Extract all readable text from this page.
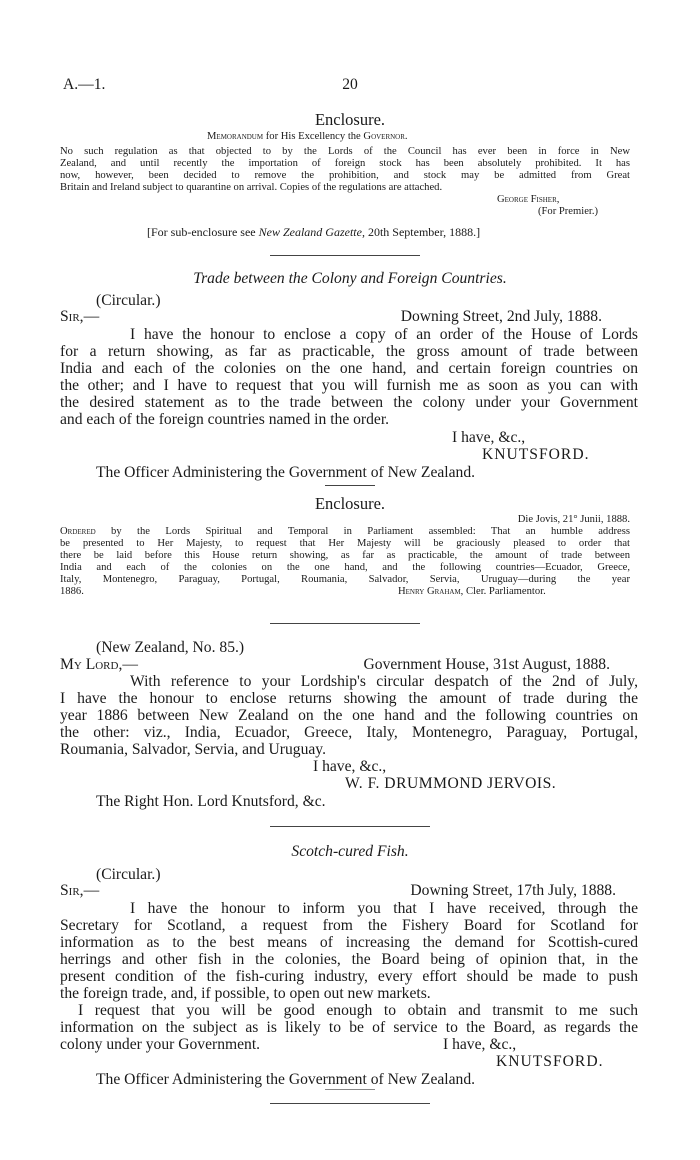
A.—1.	20
Enclosure.
Memorandum for His Excellency the Governor.
No such regulation as that objected to by the Lords of the Council has ever been in force in New
Zealand, and until recently the importation of foreign stock has been absolutely prohibited. It has
now, however, been decided to remove the prohibition, and stock may be admitted from Great
Britain and Ireland subject to quarantine on arrival. Copies of the regulations are attached.
George Fisher,
(For Premier.)
[For sub-enclosure see New Zealand Gazette, 20th September, 1888.]
Trade between the Colony and Foreign Countries.
(Circular.)
Sir,—	Downing Street, 2nd July, 1888.
I have the honour to enclose a copy of an order of the House of Lords
for a return showing, as far as practicable, the gross amount of trade between
India and each of the colonies on the one hand, and certain foreign countries on
the other; and I have to request that you will furnish me as soon as you can with
the desired statement as to the trade between the colony under your Government
and each of the foreign countries named in the order.
I have, &c.,
KNUTSFORD.
The Officer Administering the Government of New Zealand.
Enclosure.
Die Jovis, 21° Junii, 1888.
Ordered by the Lords Spiritual and Temporal in Parliament assembled: That an humble address
be presented to Her Majesty, to request that Her Majesty will be graciously pleased to order that
there be laid before this House return showing, as far as practicable, the amount of trade between
India and each of the colonies on the one hand, and the following countries—Ecuador, Greece,
Italy, Montenegro, Paraguay, Portugal, Roumania, Salvador, Servia, Uruguay—during the year
1886.	Henry Graham, Cler. Parliamentor.
(New Zealand, No. 85.)
My Lord,—	Government House, 31st August, 1888.
With reference to your Lordship's circular despatch of the 2nd of July,
I have the honour to enclose returns showing the amount of trade during the
year 1886 between New Zealand on the one hand and the following countries on
the other: viz., India, Ecuador, Greece, Italy, Montenegro, Paraguay, Portugal,
Roumania, Salvador, Servia, and Uruguay.
I have, &c.,
W. F. DRUMMOND JERVOIS.
The Right Hon. Lord Knutsford, &c.
Scotch-cured Fish.
(Circular.)
Sir,—	Downing Street, 17th July, 1888.
I have the honour to inform you that I have received, through the
Secretary for Scotland, a request from the Fishery Board for Scotland for
information as to the best means of increasing the demand for Scottish-cured
herrings and other fish in the colonies, the Board being of opinion that, in the
present condition of the fish-curing industry, every effort should be made to push
the foreign trade, and, if possible, to open out new markets.
I request that you will be good enough to obtain and transmit to me such
information on the subject as is likely to be of service to the Board, as regards the
colony under your Government.	I have, &c.,
KNUTSFORD.
The Officer Administering the Government of New Zealand.
